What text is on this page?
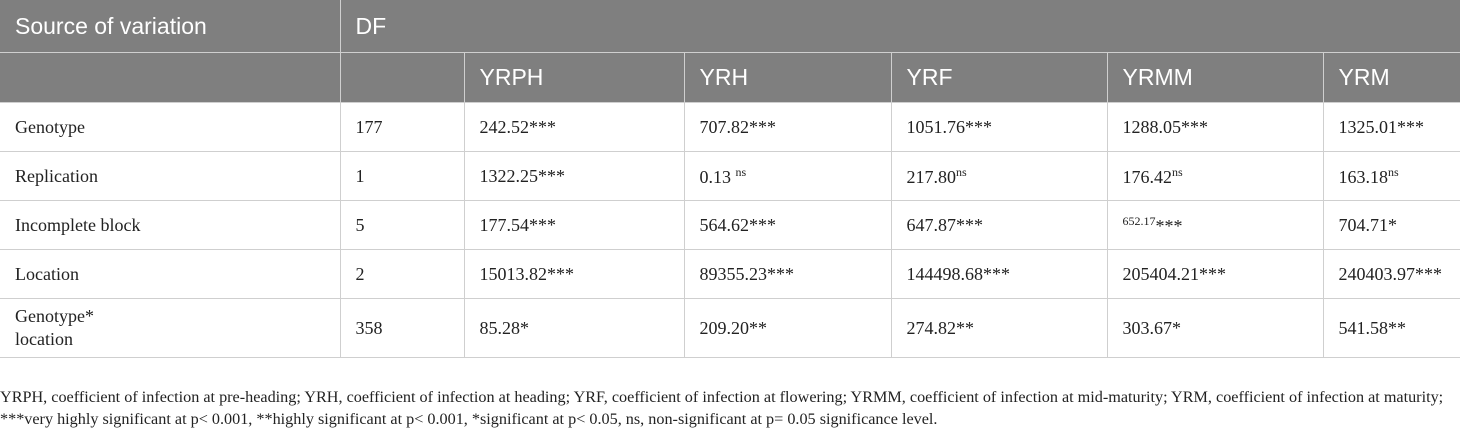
Source of variation	DF					
		YRPH	YRH	YRF	YRMM	YRM
Genotype	177	242.52***	707.82***	1051.76***	1288.05***	1325.01***
Replication	1	1322.25***	0.13 $^{ns}$	$217.80^{ns}$	$176.42^{ns}$	$163.18^{ns}$
Incomplete block	5	177.54***	564.62***	647.87***	$^{652.17}$***	704.71*
Location	2	15013.82***	89355.23***	144498.68***	205404.21***	240403.97***

Genotype*
location	358	85.28*	209.20**	274.82**	303.67*	541.58**

YRPH, coefficient of infection at pre-heading; YRH, coefficient of infection at heading; YRF, coefficient of infection at flowering; YRMM, coefficient of infection at mid-maturity; YRM, coefficient of infection at maturity; ***very highly significant at p< 0.001, **highly significant at p< 0.001, *significant at p< 0.05, ns, non-significant at p= 0.05 significance level.
